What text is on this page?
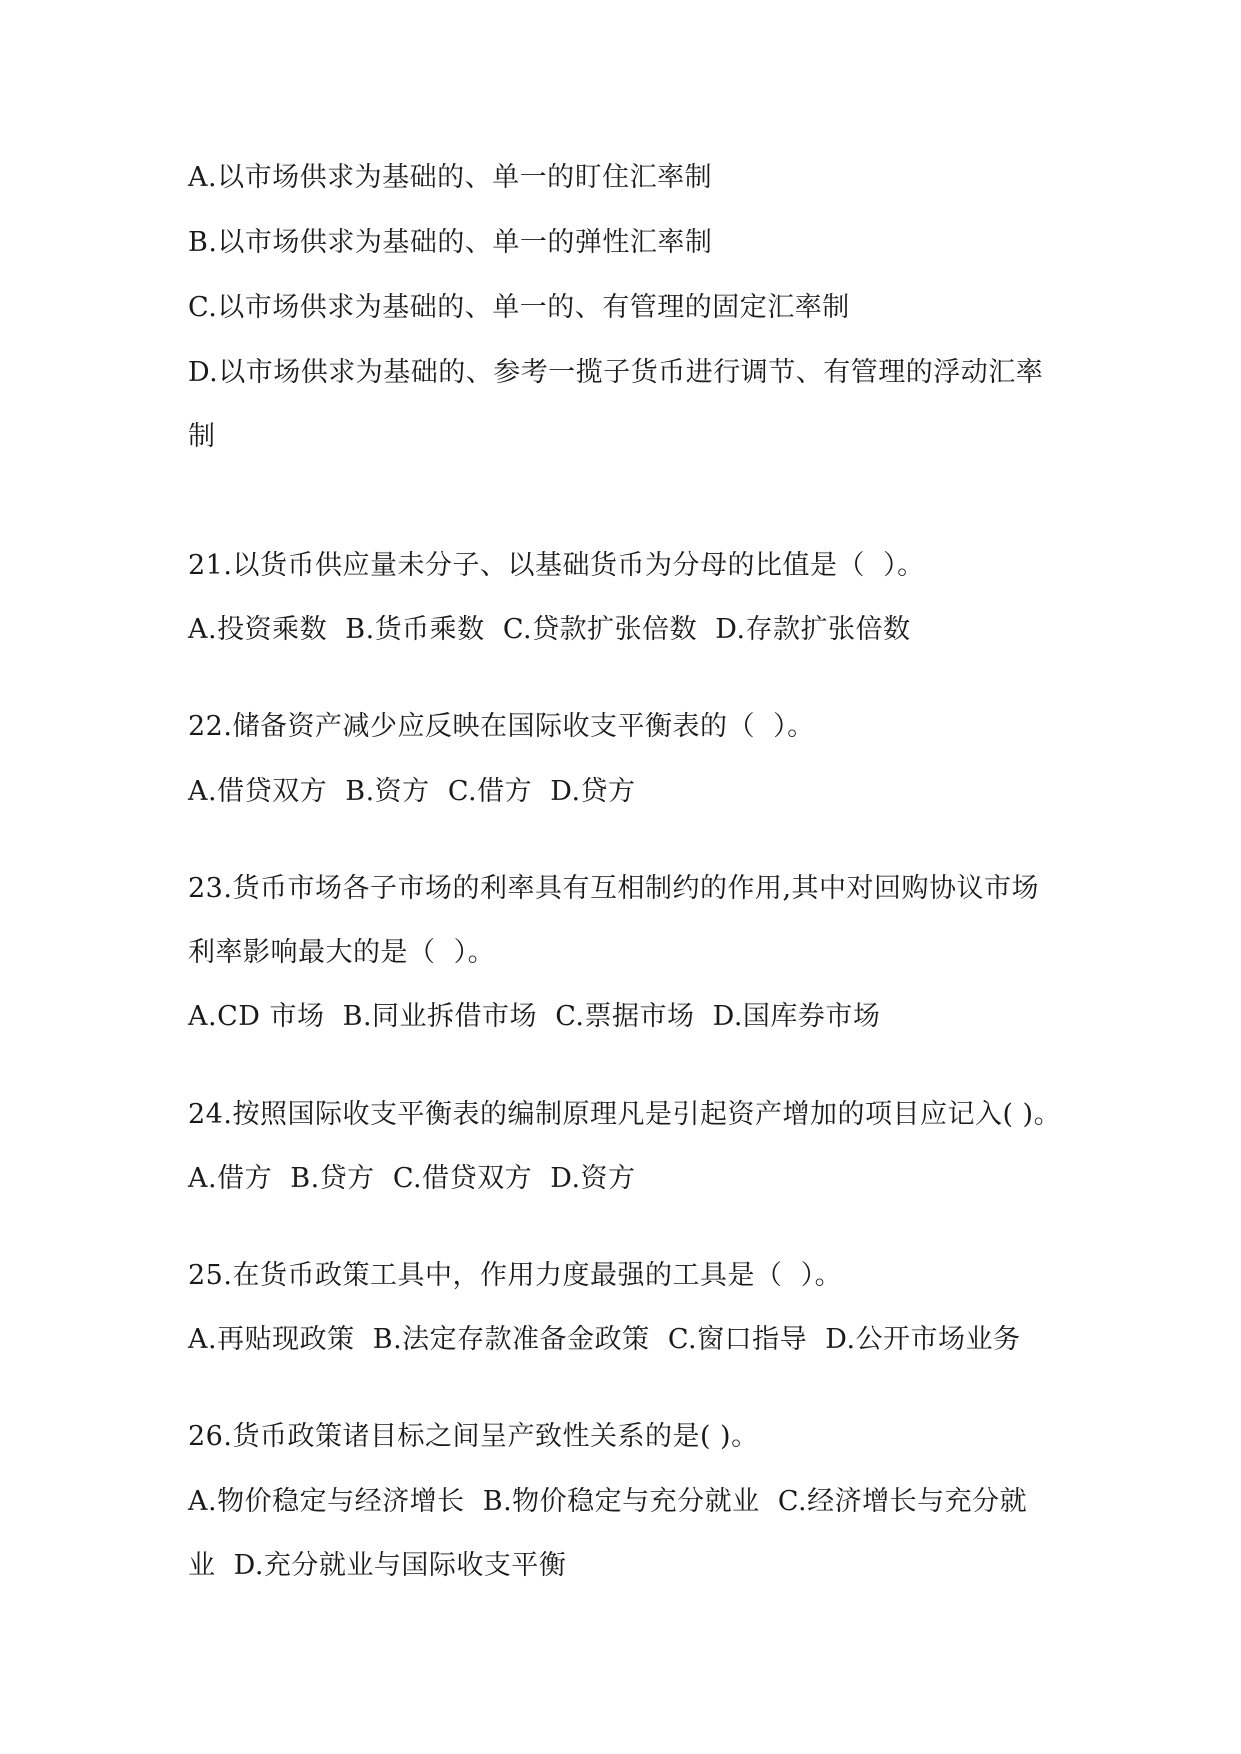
A.以市场供求为基础的、单一的盯住汇率制
B.以市场供求为基础的、单一的弹性汇率制
C.以市场供求为基础的、单一的、有管理的固定汇率制
D.以市场供求为基础的、参考一揽子货币进行调节、有管理的浮动汇率
制
21.以货币供应量未分子、以基础货币为分母的比值是（  ）。
A.投资乘数  B.货币乘数  C.贷款扩张倍数  D.存款扩张倍数
22.储备资产减少应反映在国际收支平衡表的（  ）。
A.借贷双方  B.资方  C.借方  D.贷方
23.货币市场各子市场的利率具有互相制约的作用,其中对回购协议市场
利率影响最大的是（  ）。
A.CD 市场  B.同业拆借市场  C.票据市场  D.国库券市场
24.按照国际收支平衡表的编制原理凡是引起资产增加的项目应记入( )。
A.借方  B.贷方  C.借贷双方  D.资方
25.在货币政策工具中，作用力度最强的工具是（  ）。
A.再贴现政策  B.法定存款准备金政策  C.窗口指导  D.公开市场业务
26.货币政策诸目标之间呈产致性关系的是( )。
A.物价稳定与经济增长  B.物价稳定与充分就业  C.经济增长与充分就
业  D.充分就业与国际收支平衡
